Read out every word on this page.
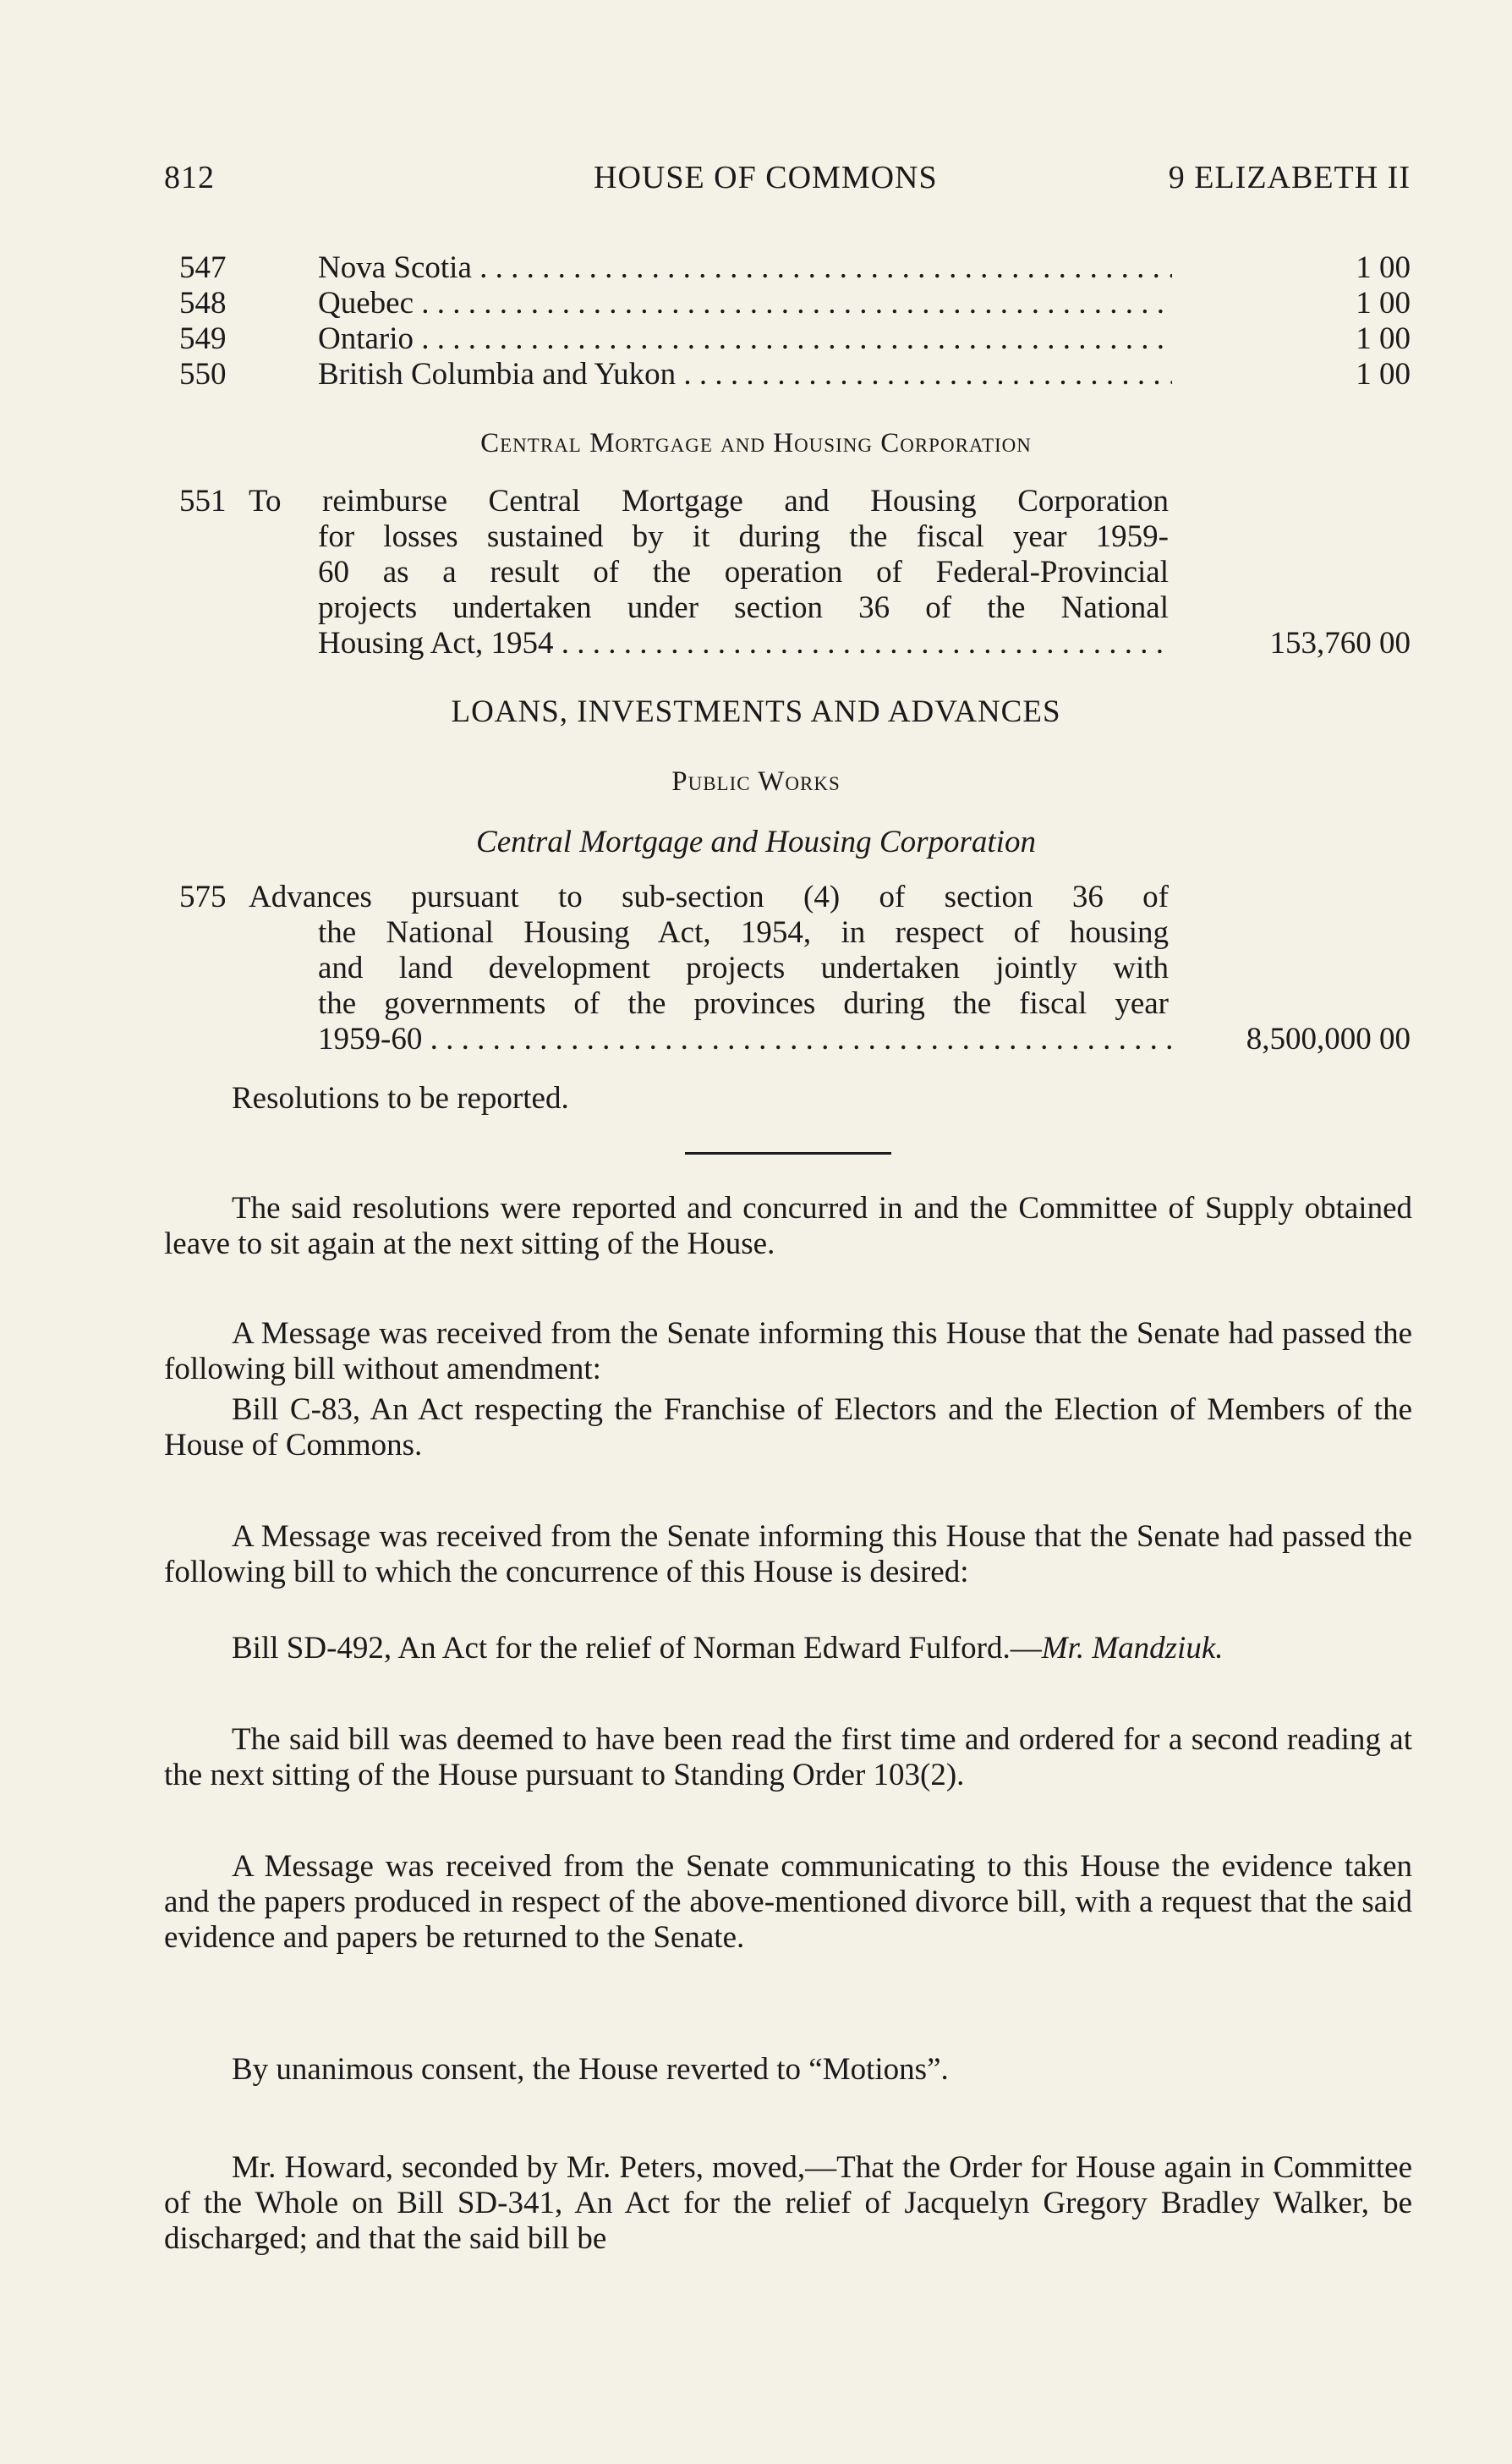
812	HOUSE OF COMMONS	9 ELIZABETH II
547	Nova Scotia . . .	1 00
548	Quebec . . .	1 00
549	Ontario . . .	1 00
550	British Columbia and Yukon . . .	1 00
Central Mortgage and Housing Corporation
551 To reimburse Central Mortgage and Housing Corporation
for losses sustained by it during the fiscal year 1959-
60 as a result of the operation of Federal-Provincial
projects undertaken under section 36 of the National
Housing Act, 1954 . . .	153,760 00
LOANS, INVESTMENTS AND ADVANCES
Public Works
Central Mortgage and Housing Corporation
575 Advances pursuant to sub-section (4) of section 36 of
the National Housing Act, 1954, in respect of housing
and land development projects undertaken jointly with
the governments of the provinces during the fiscal year
1959-60 . . .	8,500,000 00
Resolutions to be reported.
The said resolutions were reported and concurred in and the Committee of Supply obtained leave to sit again at the next sitting of the House.
A Message was received from the Senate informing this House that the Senate had passed the following bill without amendment:
Bill C-83, An Act respecting the Franchise of Electors and the Election of Members of the House of Commons.
A Message was received from the Senate informing this House that the Senate had passed the following bill to which the concurrence of this House is desired:
Bill SD-492, An Act for the relief of Norman Edward Fulford.—Mr. Mandziuk.
The said bill was deemed to have been read the first time and ordered for a second reading at the next sitting of the House pursuant to Standing Order 103(2).
A Message was received from the Senate communicating to this House the evidence taken and the papers produced in respect of the above-mentioned divorce bill, with a request that the said evidence and papers be returned to the Senate.
By unanimous consent, the House reverted to “Motions”.
Mr. Howard, seconded by Mr. Peters, moved,—That the Order for House again in Committee of the Whole on Bill SD-341, An Act for the relief of Jacquelyn Gregory Bradley Walker, be discharged; and that the said bill be
